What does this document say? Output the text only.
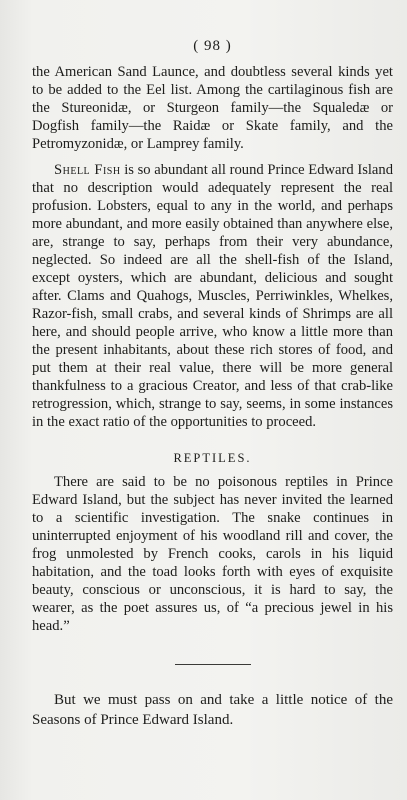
( 98 )

the American Sand Launce, and doubtless several kinds yet to be added to the Eel list. Among the cartilaginous fish are the Stureonidæ, or Sturgeon family—the Squaledæ or Dogfish family—the Raidæ or Skate family, and the Petromyzonidæ, or Lamprey family.

Shell Fish is so abundant all round Prince Edward Island that no description would adequately represent the real profusion. Lobsters, equal to any in the world, and perhaps more abundant, and more easily obtained than anywhere else, are, strange to say, perhaps from their very abundance, neglected. So indeed are all the shell-fish of the Island, except oysters, which are abundant, delicious and sought after. Clams and Quahogs, Muscles, Perriwinkles, Whelkes, Razor-fish, small crabs, and several kinds of Shrimps are all here, and should people arrive, who know a little more than the present inhabitants, about these rich stores of food, and put them at their real value, there will be more general thankfulness to a gracious Creator, and less of that crab-like retrogression, which, strange to say, seems, in some instances in the exact ratio of the opportunities to proceed.

REPTILES.

There are said to be no poisonous reptiles in Prince Edward Island, but the subject has never invited the learned to a scientific investigation. The snake continues in uninterrupted enjoyment of his woodland rill and cover, the frog unmolested by French cooks, carols in his liquid habitation, and the toad looks forth with eyes of exquisite beauty, conscious or unconscious, it is hard to say, the wearer, as the poet assures us, of “a precious jewel in his head.”

But we must pass on and take a little notice of the Seasons of Prince Edward Island.
